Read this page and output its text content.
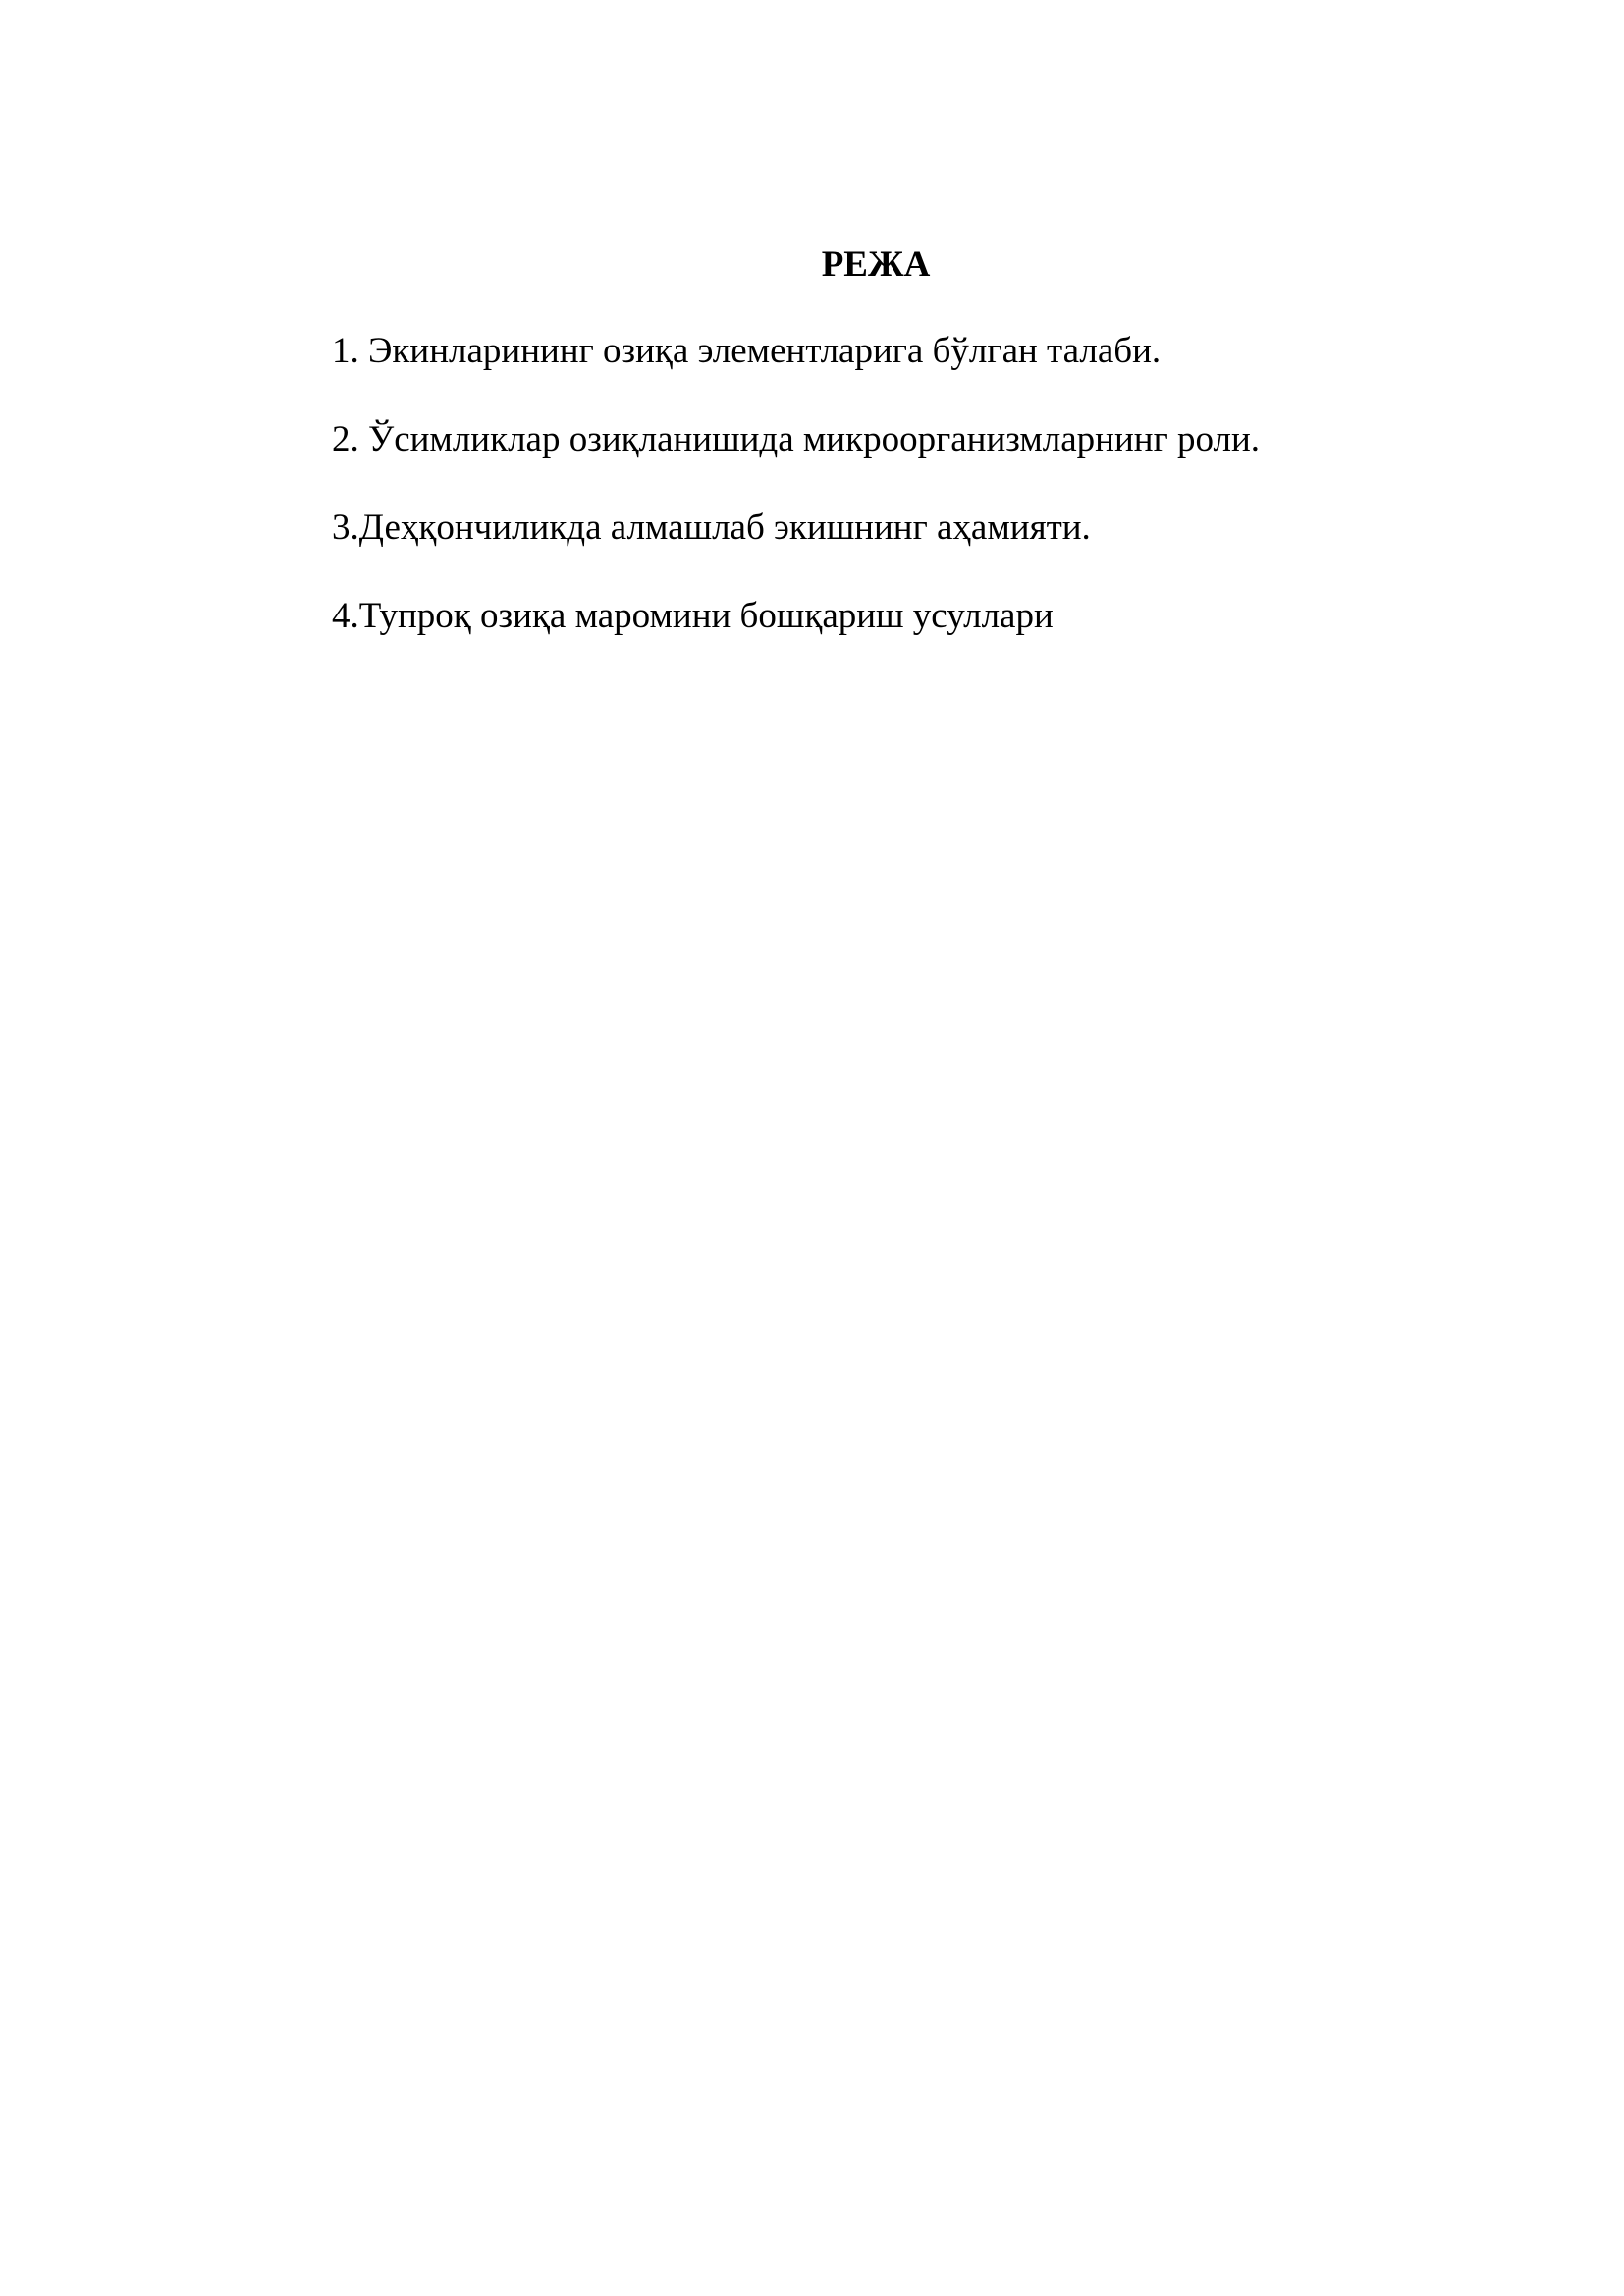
РЕЖА
1. Экинларининг озиқа элементларига бўлган талаби.
2. Ўсимликлар озиқланишида микроорганизмларнинг роли.
3.Деҳқончиликда алмашлаб экишнинг аҳамияти.
4.Тупроқ озиқа маромини бошқариш усуллари
